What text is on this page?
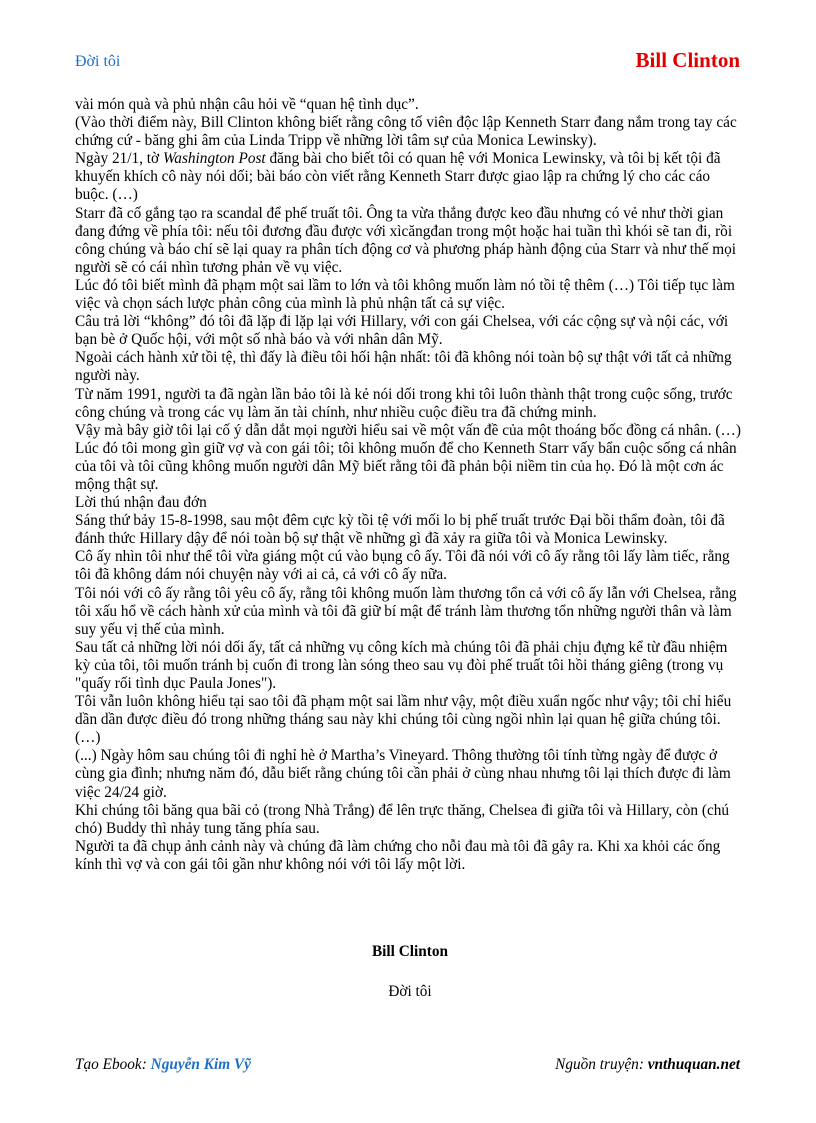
Đời tôi	Bill Clinton

vài món quà và phủ nhận câu hỏi về “quan hệ tình dục”.

(Vào thời điểm này, Bill Clinton không biết rằng công tố viên độc lập Kenneth Starr đang nắm trong tay các chứng cứ - băng ghi âm của Linda Tripp về những lời tâm sự của Monica Lewinsky).

Ngày 21/1, tờ Washington Post đăng bài cho biết tôi có quan hệ với Monica Lewinsky, và tôi bị kết tội đã khuyến khích cô này nói dối; bài báo còn viết rằng Kenneth Starr được giao lập ra chứng lý cho các cáo buộc. (…)

Starr đã cố gắng tạo ra scandal để phế truất tôi. Ông ta vừa thắng được keo đầu nhưng có vẻ như thời gian đang đứng về phía tôi: nếu tôi đương đầu được với xìcăngđan trong một hoặc hai tuần thì khói sẽ tan đi, rồi công chúng và báo chí sẽ lại quay ra phân tích động cơ và phương pháp hành động của Starr và như thế mọi người sẽ có cái nhìn tương phản về vụ việc.

Lúc đó tôi biết mình đã phạm một sai lầm to lớn và tôi không muốn làm nó tồi tệ thêm (…) Tôi tiếp tục làm việc và chọn sách lược phản công của mình là phủ nhận tất cả sự việc.

Câu trả lời “không” đó tôi đã lặp đi lặp lại với Hillary, với con gái Chelsea, với các cộng sự và nội các, với bạn bè ở Quốc hội, với một số nhà báo và với nhân dân Mỹ.

Ngoài cách hành xử tồi tệ, thì đấy là điều tôi hối hận nhất: tôi đã không nói toàn bộ sự thật với tất cả những người này.

Từ năm 1991, người ta đã ngàn lần bảo tôi là kẻ nói dối trong khi tôi luôn thành thật trong cuộc sống, trước công chúng và trong các vụ làm ăn tài chính, như nhiều cuộc điều tra đã chứng minh.

Vậy mà bây giờ tôi lại cố ý dẫn dắt mọi người hiểu sai về một vấn đề của một thoáng bốc đồng cá nhân. (…)

Lúc đó tôi mong gìn giữ vợ và con gái tôi; tôi không muốn để cho Kenneth Starr vấy bẩn cuộc sống cá nhân của tôi và tôi cũng không muốn người dân Mỹ biết rằng tôi đã phản bội niềm tin của họ. Đó là một cơn ác mộng thật sự.

Lời thú nhận đau đớn

Sáng thứ bảy 15-8-1998, sau một đêm cực kỳ tồi tệ với mối lo bị phế truất trước Đại bồi thẩm đoàn, tôi đã đánh thức Hillary dậy để nói toàn bộ sự thật về những gì đã xảy ra giữa tôi và Monica Lewinsky.

Cô ấy nhìn tôi như thể tôi vừa giáng một cú vào bụng cô ấy. Tôi đã nói với cô ấy rằng tôi lấy làm tiếc, rằng tôi đã không dám nói chuyện này với ai cả, cả với cô ấy nữa.

Tôi nói với cô ấy rằng tôi yêu cô ấy, rằng tôi không muốn làm thương tổn cả với cô ấy lẫn với Chelsea, rằng tôi xấu hổ về cách hành xử của mình và tôi đã giữ bí mật để tránh làm thương tổn những người thân và làm suy yếu vị thế của mình.

Sau tất cả những lời nói dối ấy, tất cả những vụ công kích mà chúng tôi đã phải chịu đựng kể từ đầu nhiệm kỳ của tôi, tôi muốn tránh bị cuốn đi trong làn sóng theo sau vụ đòi phế truất tôi hồi tháng giêng (trong vụ "quấy rối tình dục Paula Jones").

Tôi vẫn luôn không hiểu tại sao tôi đã phạm một sai lầm như vậy, một điều xuẩn ngốc như vậy; tôi chỉ hiểu dần dần được điều đó trong những tháng sau này khi chúng tôi cùng ngồi nhìn lại quan hệ giữa chúng tôi. (…)

(...) Ngày hôm sau chúng tôi đi nghỉ hè ở Martha’s Vineyard. Thông thường tôi tính từng ngày để được ở cùng gia đình; nhưng năm đó, dẫu biết rằng chúng tôi cần phải ở cùng nhau nhưng tôi lại thích được đi làm việc 24/24 giờ.

Khi chúng tôi băng qua bãi cỏ (trong Nhà Trắng) để lên trực thăng, Chelsea đi giữa tôi và Hillary, còn (chú chó) Buddy thì nhảy tung tăng phía sau.

Người ta đã chụp ảnh cảnh này và chúng đã làm chứng cho nỗi đau mà tôi đã gây ra. Khi xa khỏi các ống kính thì vợ và con gái tôi gần như không nói với tôi lấy một lời.

Bill Clinton
Đời tôi
Tạo Ebook: Nguyễn Kim Vỹ	Nguồn truyện: vnthuquan.net
